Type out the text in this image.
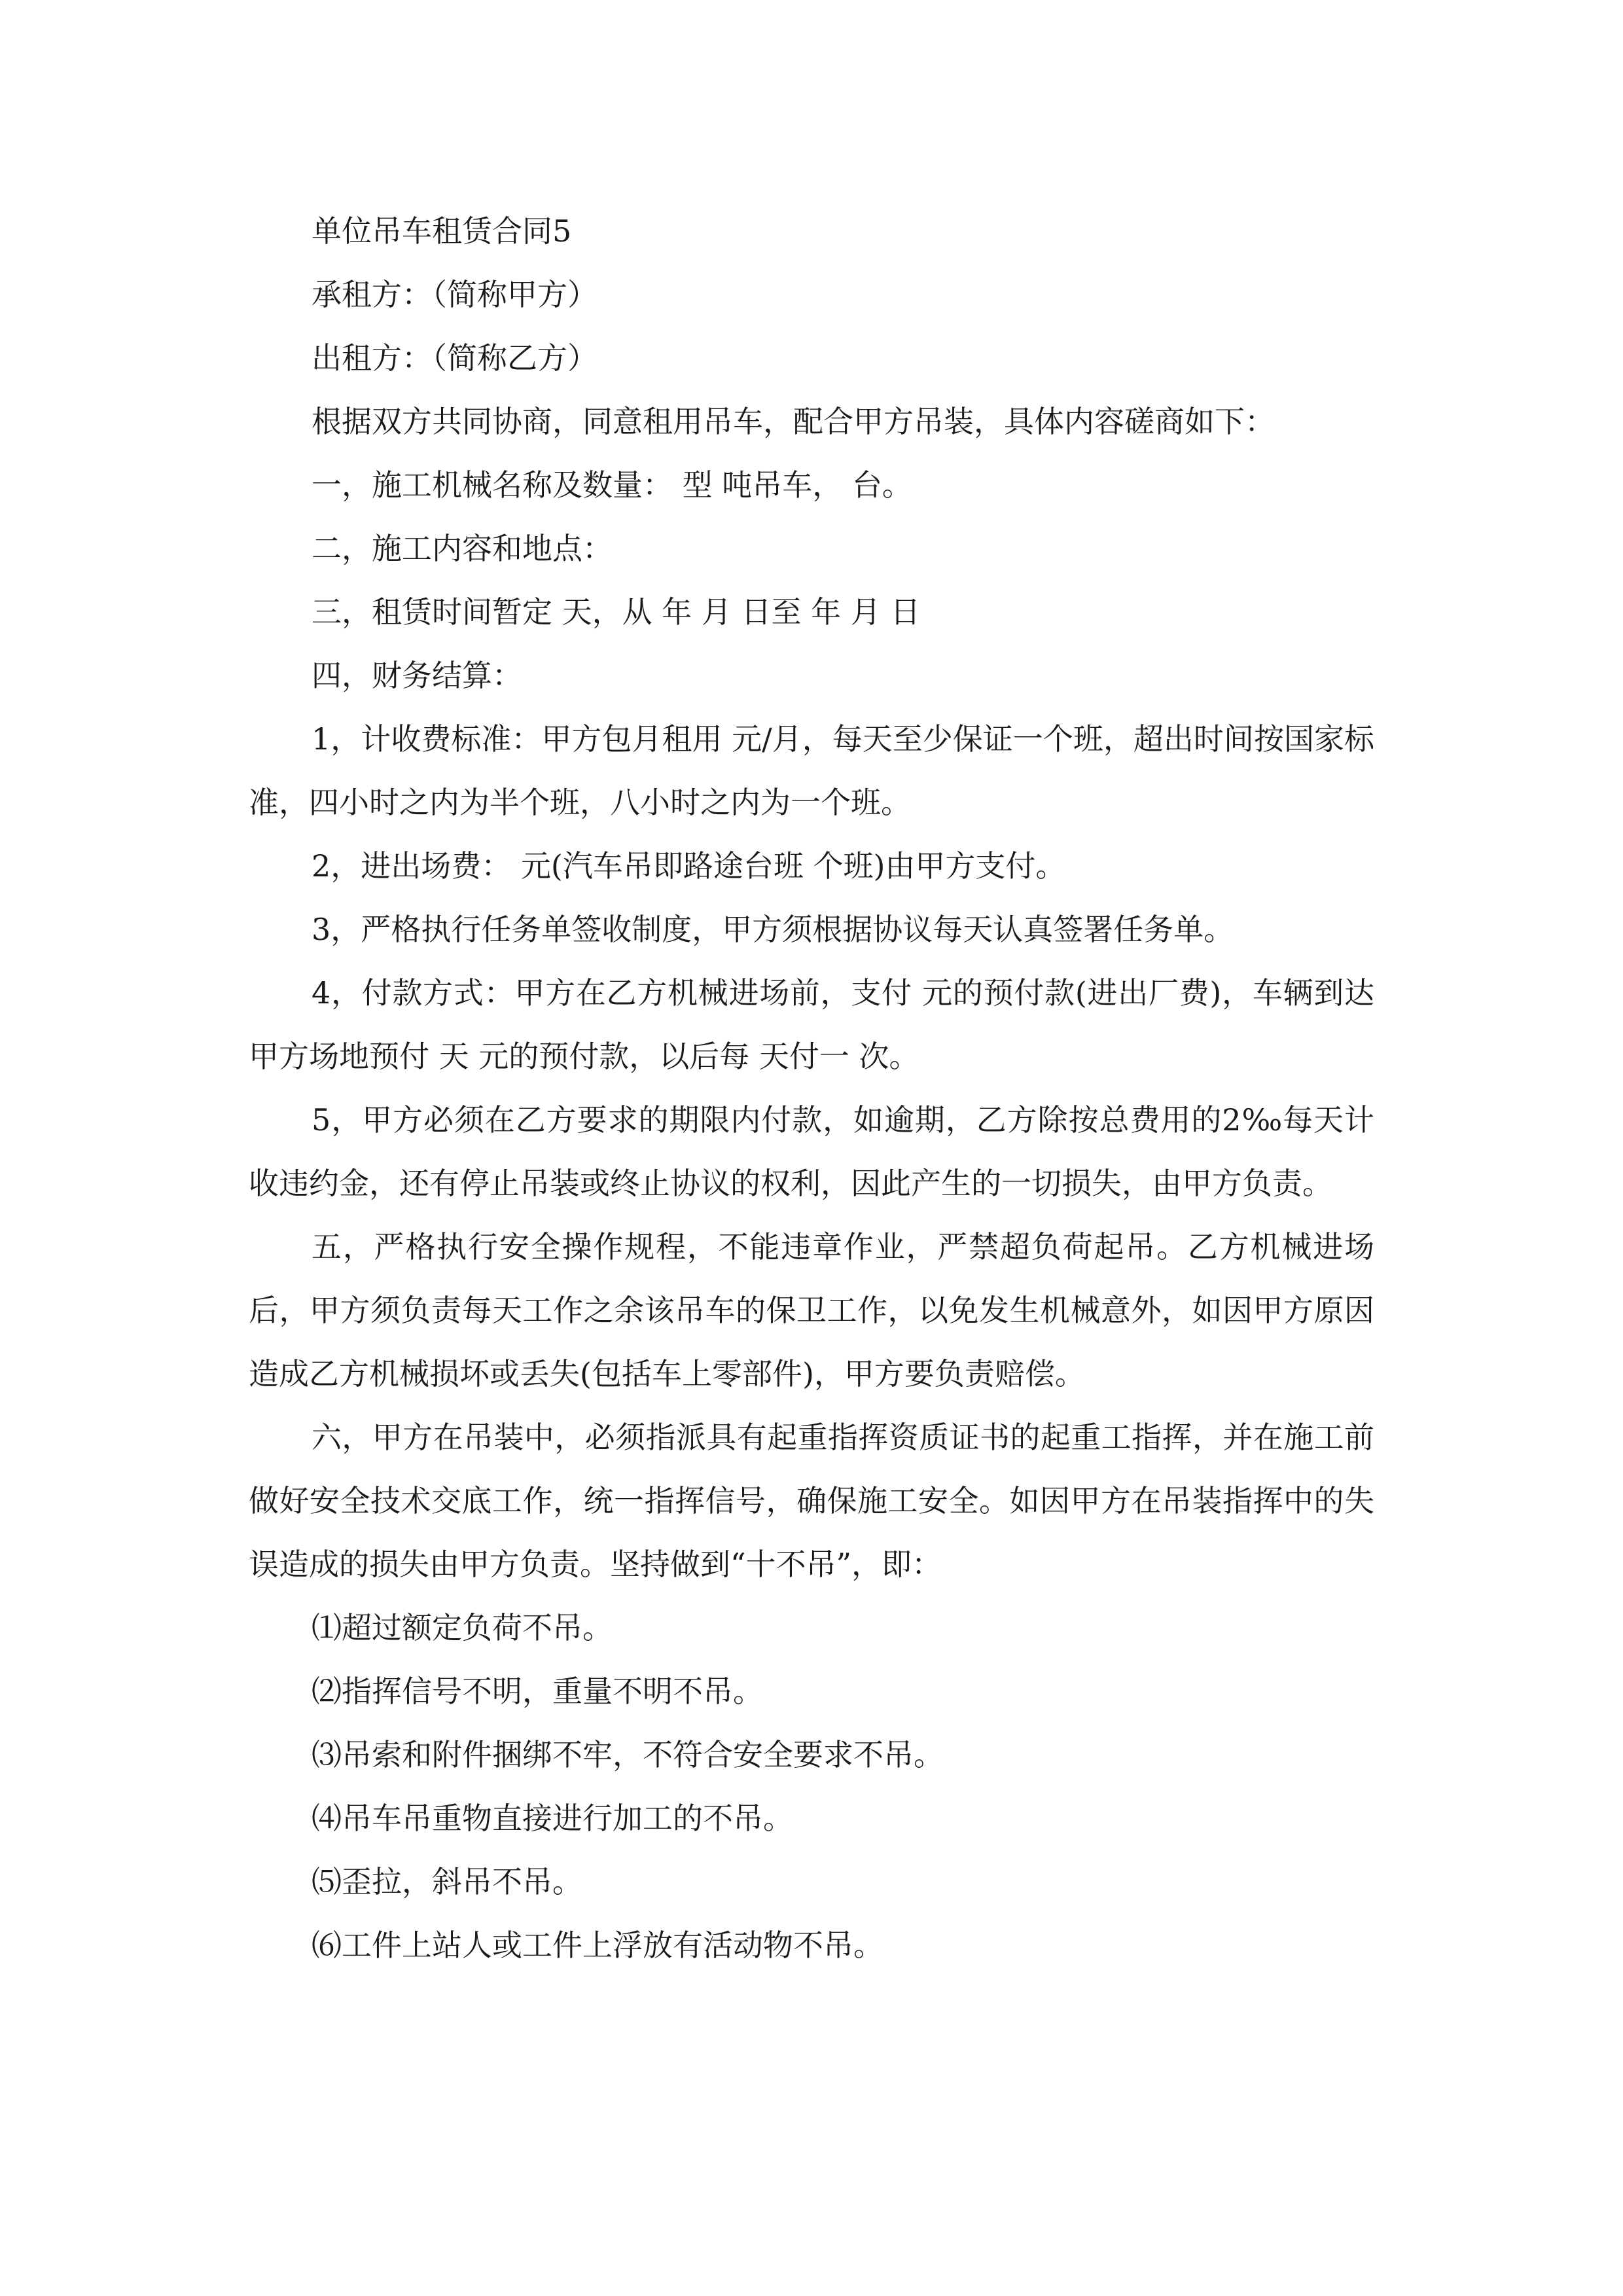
单位吊车租赁合同5

承租方：（简称甲方）

出租方：（简称乙方）

根据双方共同协商，同意租用吊车，配合甲方吊装，具体内容磋商如下：

一，施工机械名称及数量： 型 吨吊车， 台。

二，施工内容和地点：

三，租赁时间暂定 天，从 年 月 日至 年 月 日

四，财务结算：

1，计收费标准：甲方包月租用 元/月，每天至少保证一个班，超出时间按国家标准，四小时之内为半个班，八小时之内为一个班。

2，进出场费： 元(汽车吊即路途台班 个班)由甲方支付。

3，严格执行任务单签收制度，甲方须根据协议每天认真签署任务单。

4，付款方式：甲方在乙方机械进场前，支付 元的预付款(进出厂费)，车辆到达甲方场地预付 天 元的预付款，以后每 天付一 次。

5，甲方必须在乙方要求的期限内付款，如逾期，乙方除按总费用的2‰每天计收违约金，还有停止吊装或终止协议的权利，因此产生的一切损失，由甲方负责。

五，严格执行安全操作规程，不能违章作业，严禁超负荷起吊。乙方机械进场后，甲方须负责每天工作之余该吊车的保卫工作，以免发生机械意外，如因甲方原因造成乙方机械损坏或丢失(包括车上零部件)，甲方要负责赔偿。

六，甲方在吊装中，必须指派具有起重指挥资质证书的起重工指挥，并在施工前做好安全技术交底工作，统一指挥信号，确保施工安全。如因甲方在吊装指挥中的失误造成的损失由甲方负责。坚持做到“十不吊”，即：

⑴超过额定负荷不吊。

⑵指挥信号不明，重量不明不吊。

⑶吊索和附件捆绑不牢，不符合安全要求不吊。

⑷吊车吊重物直接进行加工的不吊。

⑸歪拉，斜吊不吊。

⑹工件上站人或工件上浮放有活动物不吊。
